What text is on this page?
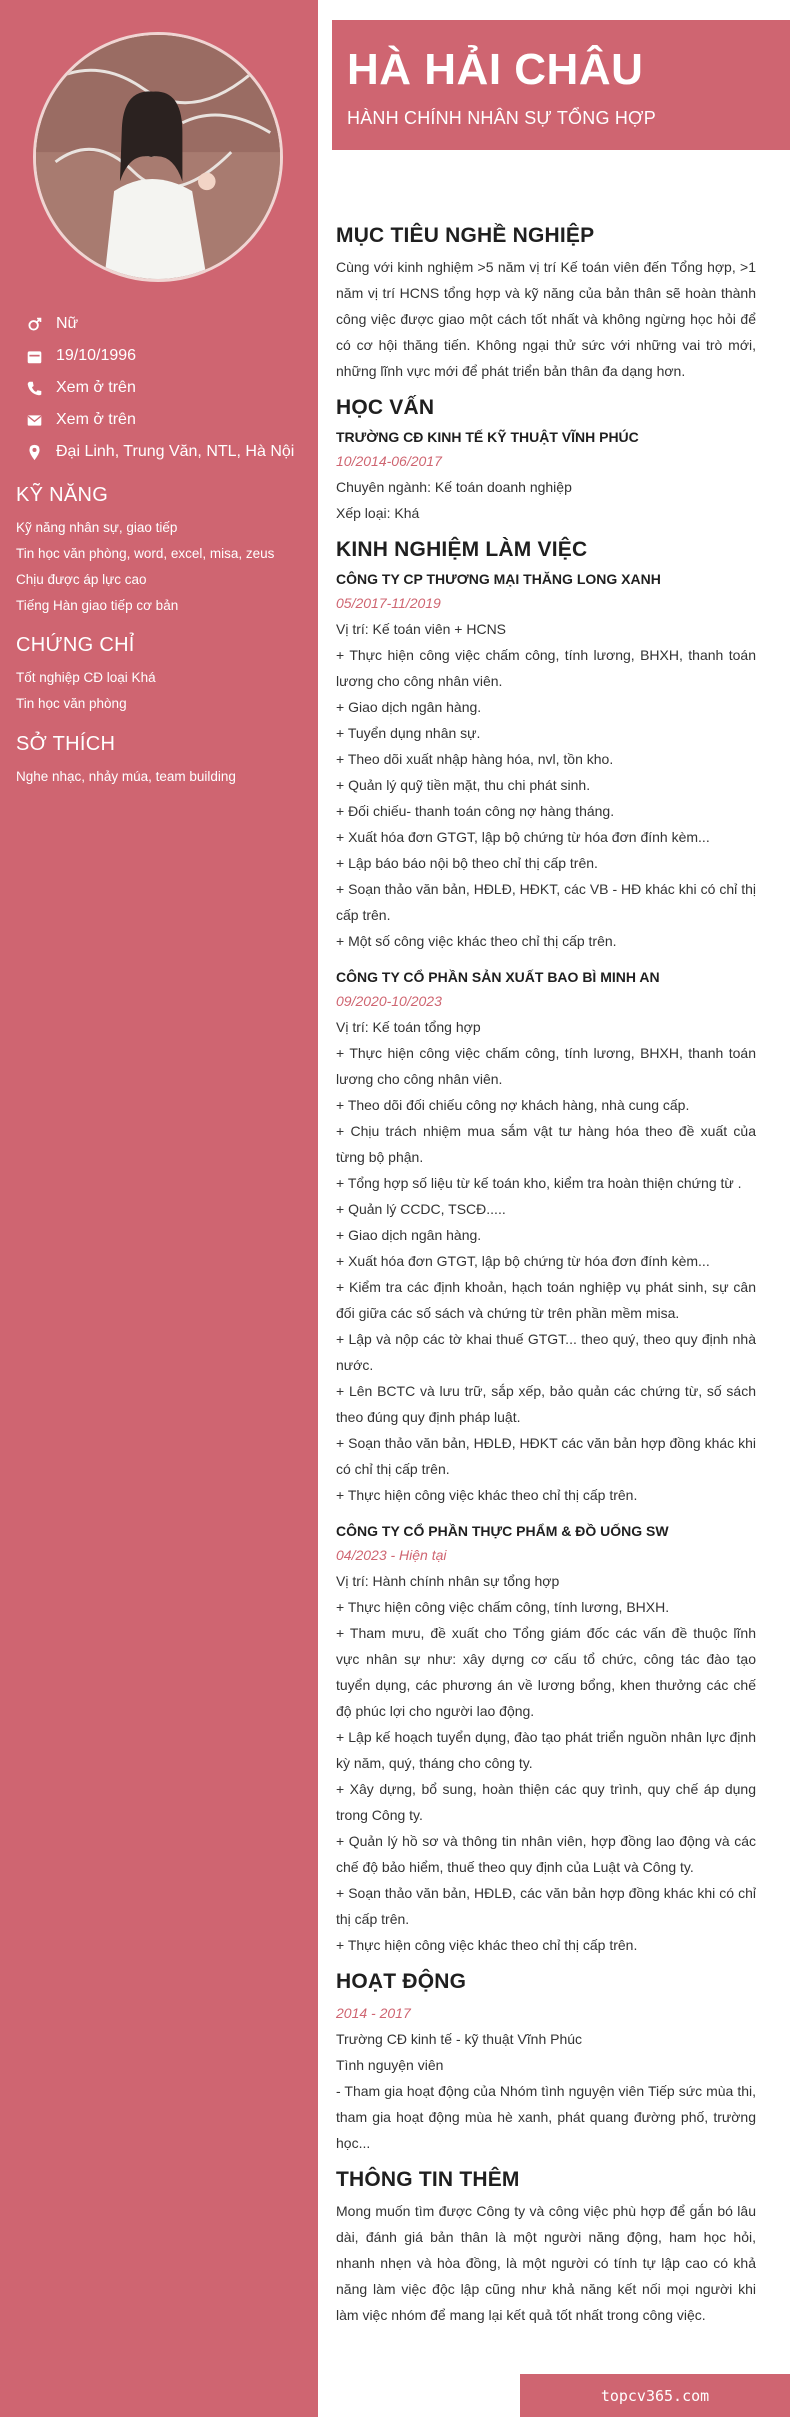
Nữ
19/10/1996
Xem ở trên
Xem ở trên
Đại Linh, Trung Văn, NTL, Hà Nội
KỸ NĂNG
Kỹ năng nhân sự, giao tiếp
Tin học văn phòng, word, excel, misa, zeus
Chịu được áp lực cao
Tiếng Hàn giao tiếp cơ bản
CHỨNG CHỈ
Tốt nghiệp CĐ loại Khá
Tin học văn phòng
SỞ THÍCH
Nghe nhạc, nhảy múa, team building
HÀ HẢI CHÂU
HÀNH CHÍNH NHÂN SỰ TỔNG HỢP
MỤC TIÊU NGHỀ NGHIỆP
Cùng với kinh nghiệm >5 năm vị trí Kế toán viên đến Tổng hợp, >1 năm vị trí HCNS tổng hợp và kỹ năng của bản thân sẽ hoàn thành công việc được giao một cách tốt nhất và không ngừng học hỏi để có cơ hội thăng tiến. Không ngại thử sức với những vai trò mới, những lĩnh vực mới để phát triển bản thân đa dạng hơn.
HỌC VẤN
TRƯỜNG CĐ KINH TẾ KỸ THUẬT VĨNH PHÚC
10/2014-06/2017
Chuyên ngành: Kế toán doanh nghiệp
Xếp loại: Khá
KINH NGHIỆM LÀM VIỆC
CÔNG TY CP THƯƠNG MẠI THĂNG LONG XANH
05/2017-11/2019
Vị trí: Kế toán viên + HCNS
+ Thực hiện công việc chấm công, tính lương, BHXH, thanh toán lương cho công nhân viên.
+ Giao dịch ngân hàng.
+ Tuyển dụng nhân sự.
+ Theo dõi xuất nhập hàng hóa, nvl, tồn kho.
+ Quản lý quỹ tiền mặt, thu chi phát sinh.
+ Đối chiếu- thanh toán công nợ hàng tháng.
+ Xuất hóa đơn GTGT, lập bộ chứng từ hóa đơn đính kèm...
+ Lập báo báo nội bộ theo chỉ thị cấp trên.
+ Soạn thảo văn bản, HĐLĐ, HĐKT, các VB - HĐ khác khi có chỉ thị cấp trên.
+ Một số công việc khác theo chỉ thị cấp trên.
CÔNG TY CỔ PHẦN SẢN XUẤT BAO BÌ MINH AN
09/2020-10/2023
Vị trí: Kế toán tổng hợp
+ Thực hiện công việc chấm công, tính lương, BHXH, thanh toán lương cho công nhân viên.
+ Theo dõi đối chiếu công nợ khách hàng, nhà cung cấp.
+ Chịu trách nhiệm mua sắm vật tư hàng hóa theo đề xuất của từng bộ phận.
+ Tổng hợp số liệu từ kế toán kho, kiểm tra hoàn thiện chứng từ .
+ Quản lý CCDC, TSCĐ.....
+ Giao dịch ngân hàng.
+ Xuất hóa đơn GTGT, lập bộ chứng từ hóa đơn đính kèm...
+ Kiểm tra các định khoản, hạch toán nghiệp vụ phát sinh, sự cân đối giữa các số sách và chứng từ trên phần mềm misa.
+ Lập và nộp các tờ khai thuế GTGT... theo quý, theo quy định nhà nước.
+ Lên BCTC và lưu trữ, sắp xếp, bảo quản các chứng từ, số sách theo đúng quy định pháp luật.
+ Soạn thảo văn bản, HĐLĐ, HĐKT các văn bản hợp đồng khác khi có chỉ thị cấp trên.
+ Thực hiện công việc khác theo chỉ thị cấp trên.
CÔNG TY CỔ PHẦN THỰC PHẨM & ĐỒ UỐNG SW
04/2023 - Hiện tại
Vị trí: Hành chính nhân sự tổng hợp
+ Thực hiện công việc chấm công, tính lương, BHXH.
+ Tham mưu, đề xuất cho Tổng giám đốc các vấn đề thuộc lĩnh vực nhân sự như: xây dựng cơ cấu tổ chức, công tác đào tạo tuyển dụng, các phương án về lương bổng, khen thưởng các chế độ phúc lợi cho người lao động.
+ Lập kế hoạch tuyển dụng, đào tạo phát triển nguồn nhân lực định kỳ năm, quý, tháng cho công ty.
+ Xây dựng, bổ sung, hoàn thiện các quy trình, quy chế áp dụng trong Công ty.
+ Quản lý hồ sơ và thông tin nhân viên, hợp đồng lao động và các chế độ bảo hiểm, thuế theo quy định của Luật và Công ty.
+ Soạn thảo văn bản, HĐLĐ, các văn bản hợp đồng khác khi có chỉ thị cấp trên.
+ Thực hiện công việc khác theo chỉ thị cấp trên.
HOẠT ĐỘNG
2014 - 2017
Trường CĐ kinh tế - kỹ thuật Vĩnh Phúc
Tình nguyện viên
- Tham gia hoạt động của Nhóm tình nguyện viên Tiếp sức mùa thi, tham gia hoạt động mùa hè xanh, phát quang đường phố, trường học...
THÔNG TIN THÊM
Mong muốn tìm được Công ty và công việc phù hợp để gắn bó lâu dài, đánh giá bản thân là một người năng động, ham học hỏi, nhanh nhẹn và hòa đồng, là một người có tính tự lập cao có khả năng làm việc độc lập cũng như khả năng kết nối mọi người khi làm việc nhóm để mang lại kết quả tốt nhất trong công việc.
topcv365.com
